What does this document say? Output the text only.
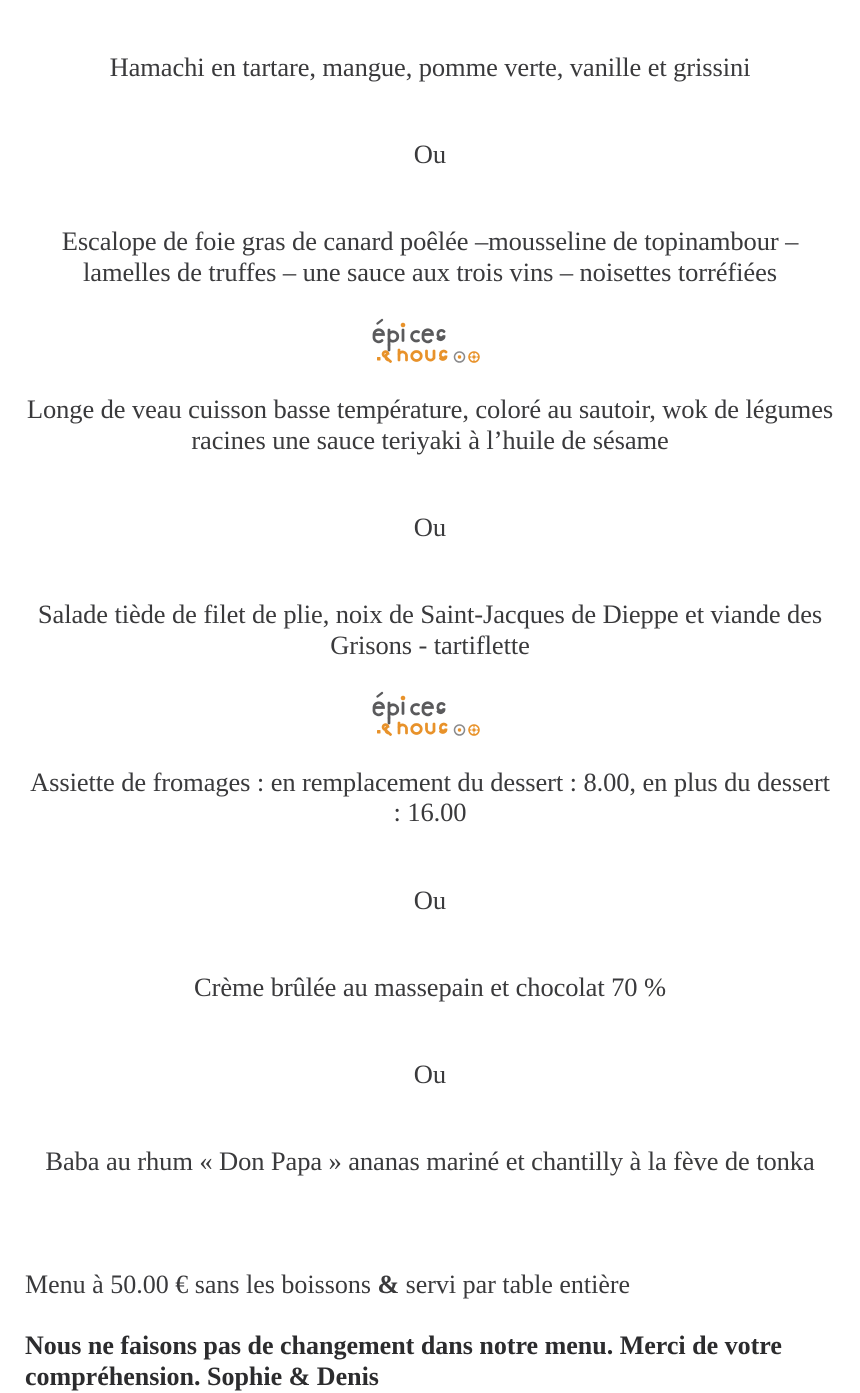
Hamachi en tartare, mangue, pomme verte, vanille et grissini

Ou

Escalope de foie gras de canard poêlée –mousseline de topinambour – lamelles de truffes – une sauce aux trois vins – noisettes torréfiées

Longe de veau cuisson basse température, coloré au sautoir, wok de légumes racines une sauce teriyaki à l’huile de sésame

Ou

Salade tiède de filet de plie, noix de Saint-Jacques de Dieppe et viande des Grisons - tartiflette

Assiette de fromages : en remplacement du dessert : 8.00, en plus du dessert : 16.00

Ou

Crème brûlée au massepain et chocolat 70 %

Ou

Baba au rhum « Don Papa » ananas mariné et chantilly à la fève de tonka

Menu à 50.00 € sans les boissons & servi par table entière

Nous ne faisons pas de changement dans notre menu. Merci de votre compréhension. Sophie & Denis
